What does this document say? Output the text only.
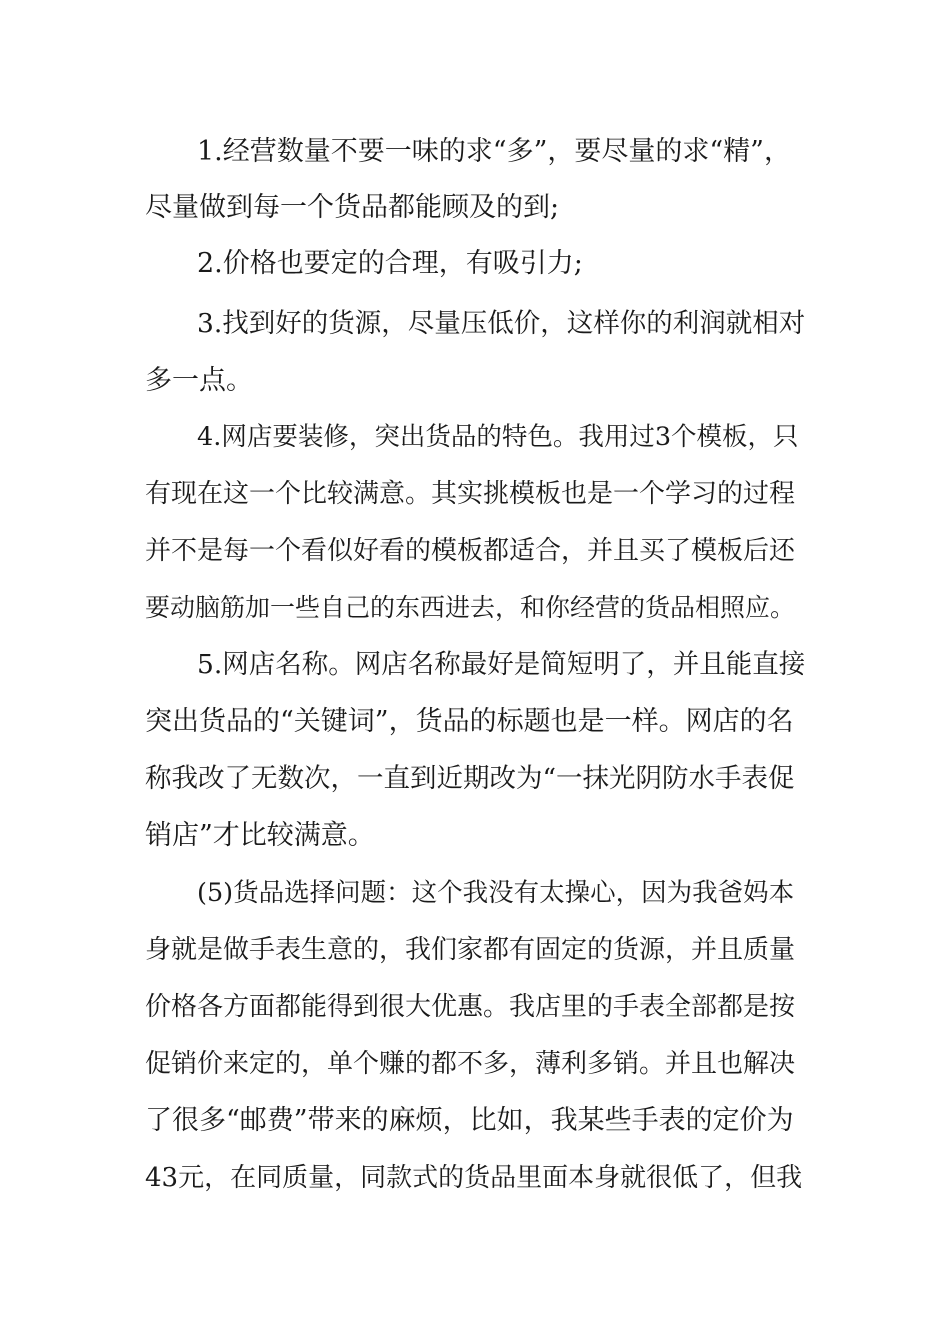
1.经营数量不要一味的求“多”，要尽量的求“精”，
尽量做到每一个货品都能顾及的到;
2.价格也要定的合理，有吸引力;
3.找到好的货源，尽量压低价，这样你的利润就相对
多一点。
4.网店要装修，突出货品的特色。我用过3个模板，只
有现在这一个比较满意。其实挑模板也是一个学习的过程
并不是每一个看似好看的模板都适合，并且买了模板后还
要动脑筋加一些自己的东西进去，和你经营的货品相照应。
5.网店名称。网店名称最好是简短明了，并且能直接
突出货品的“关键词”，货品的标题也是一样。网店的名
称我改了无数次，一直到近期改为“一抹光阴防水手表促
销店”才比较满意。
(5)货品选择问题：这个我没有太操心，因为我爸妈本
身就是做手表生意的，我们家都有固定的货源，并且质量
价格各方面都能得到很大优惠。我店里的手表全部都是按
促销价来定的，单个赚的都不多，薄利多销。并且也解决
了很多“邮费”带来的麻烦，比如，我某些手表的定价为
43元，在同质量，同款式的货品里面本身就很低了，但我
